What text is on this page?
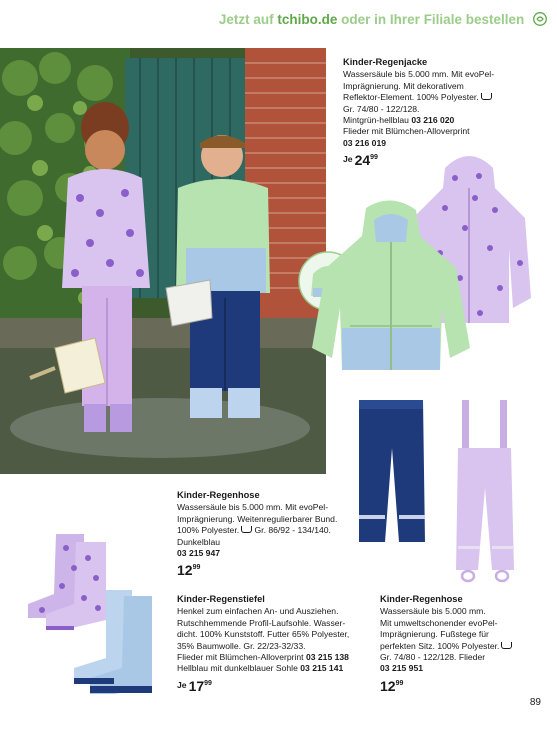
Jetzt auf tchibo.de oder in Ihrer Filiale bestellen
Kinder-Regenjacke
Wassersäule bis 5.000 mm. Mit evoPel-
Imprägnierung. Mit dekorativem
Reflektor-Element. 100% Polyester.
Gr. 74/80 - 122/128.
Mintgrün-hellblau 03 216 020
Flieder mit Blümchen-Alloverprint
03 216 019
Je $24^{99}$
Kinder-Regenhose
Wassersäule bis 5.000 mm. Mit evoPel-
Imprägnierung. Weitenregulierbarer Bund.
100% Polyester. Gr. 86/92 - 134/140.
Dunkelblau
03 215 947
$12^{99}$
Kinder-Regenstiefel
Henkel zum einfachen An- und Ausziehen.
Rutschhemmende Profil-Laufsohle. Wasser-
dicht. 100% Kunststoff. Futter 65% Polyester,
35% Baumwolle. Gr. 22/23-32/33.
Flieder mit Blümchen-Alloverprint 03 215 138
Hellblau mit dunkelblauer Sohle 03 215 141
Je $17^{99}$
Kinder-Regenhose
Wassersäule bis 5.000 mm.
Mit umweltschonender evoPel-
Imprägnierung. Fußstege für
perfekten Sitz. 100% Polyester.
Gr. 74/80 - 122/128. Flieder
03 215 951
$12^{99}$
89
